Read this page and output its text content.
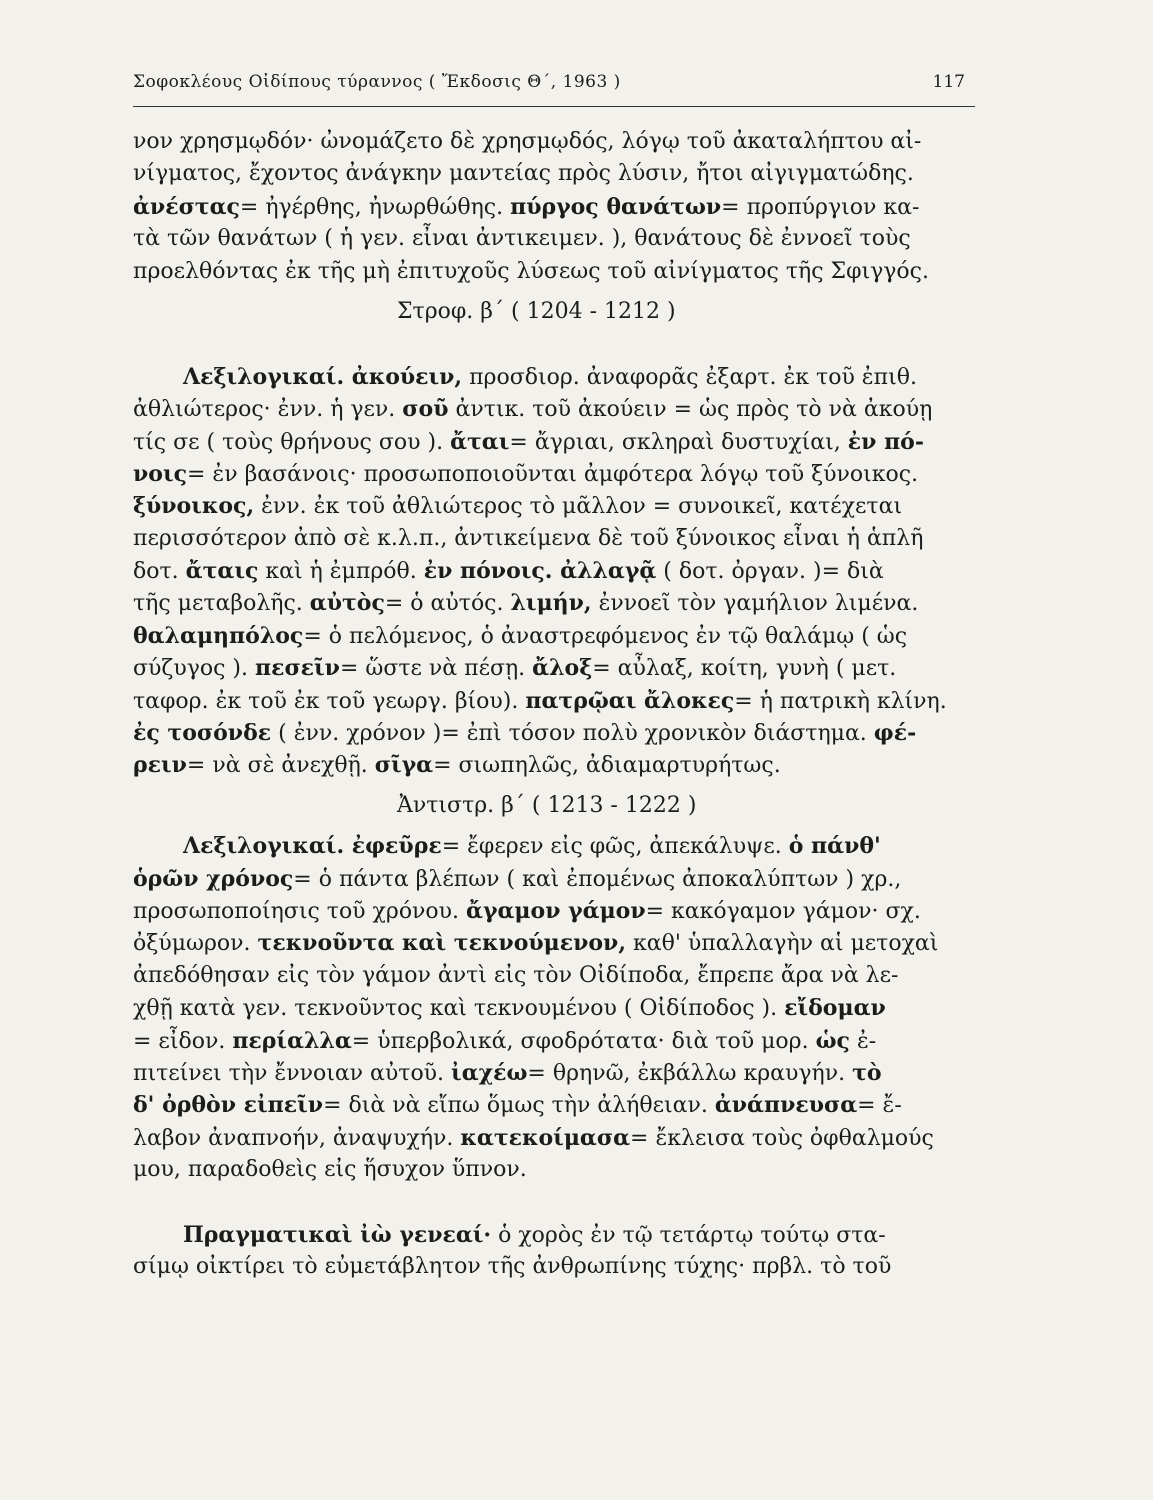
Σοφοκλέους Οἰδίπους τύραννος ( Ἔκδοσις Θ΄, 1963 )	117
νον χρησμῳδόν· ὠνομάζετο δὲ χρησμῳδός, λόγῳ τοῦ ἀκαταλήπτου αἰ-
νίγματος, ἔχοντος ἀνάγκην μαντείας πρὸς λύσιν, ἤτοι αἰγιγματώδης.
ἀνέστας= ἠγέρθης, ἠνωρθώθης. πύργος θανάτων= προπύργιον κα-
τὰ τῶν θανάτων ( ἡ γεν. εἶναι ἀντικειμεν. ), θανάτους δὲ ἐννοεῖ τοὺς
προελθόντας ἐκ τῆς μὴ ἐπιτυχοῦς λύσεως τοῦ αἰνίγματος τῆς Σφιγγός.
Στροφ. β΄ ( 1204 - 1212 )
Λεξιλογικαί. ἀκούειν, προσδιορ. ἀναφορᾶς ἐξαρτ. ἐκ τοῦ ἐπιθ.
ἀθλιώτερος· ἐνν. ἡ γεν. σοῦ ἀντικ. τοῦ ἀκούειν = ὡς πρὸς τὸ νὰ ἀκούῃ
τίς σε ( τοὺς θρήνους σου ). ἄται= ἄγριαι, σκληραὶ δυστυχίαι, ἐν πό-
νοις= ἐν βασάνοις· προσωποποιοῦνται ἀμφότερα λόγῳ τοῦ ξύνοικος.
ξύνοικος, ἐνν. ἐκ τοῦ ἀθλιώτερος τὸ μᾶλλον = συνοικεῖ, κατέχεται
περισσότερον ἀπὸ σὲ κ.λ.π., ἀντικείμενα δὲ τοῦ ξύνοικος εἶναι ἡ ἁπλῆ
δοτ. ἄταις καὶ ἡ ἐμπρόθ. ἐν πόνοις. ἀλλαγᾷ ( δοτ. ὀργαν. )= διὰ
τῆς μεταβολῆς. αὐτὸς= ὁ αὐτός. λιμήν, ἐννοεῖ τὸν γαμήλιον λιμένα.
θαλαμηπόλος= ὁ πελόμενος, ὁ ἀναστρεφόμενος ἐν τῷ θαλάμῳ ( ὡς
σύζυγος ). πεσεῖν= ὥστε νὰ πέσῃ. ἄλοξ= αὖλαξ, κοίτη, γυνὴ ( μετ.
ταφορ. ἐκ τοῦ ἐκ τοῦ γεωργ. βίου). πατρῷαι ἄλοκες= ἡ πατρικὴ κλίνη.
ἐς τοσόνδε ( ἐνν. χρόνον )= ἐπὶ τόσον πολὺ χρονικὸν διάστημα. φέ-
ρειν= νὰ σὲ ἀνεχθῇ. σῖγα= σιωπηλῶς, ἀδιαμαρτυρήτως.
Ἀντιστρ. β΄ ( 1213 - 1222 )
Λεξιλογικαί. ἐφεῦρε= ἔφερεν εἰς φῶς, ἀπεκάλυψε. ὁ πάνθ'
ὁρῶν χρόνος= ὁ πάντα βλέπων ( καὶ ἐπομένως ἀποκαλύπτων ) χρ.,
προσωποποίησις τοῦ χρόνου. ἄγαμον γάμον= κακόγαμον γάμον· σχ.
ὀξύμωρον. τεκνοῦντα καὶ τεκνούμενον, καθ' ὑπαλλαγὴν αἱ μετοχαὶ
ἀπεδόθησαν εἰς τὸν γάμον ἀντὶ εἰς τὸν Οἰδίποδα, ἔπρεπε ἄρα νὰ λε-
χθῇ κατὰ γεν. τεκνοῦντος καὶ τεκνουμένου ( Οἰδίποδος ). εἴδομαν
= εἶδον. περίαλλα= ὑπερβολικά, σφοδρότατα· διὰ τοῦ μορ. ὡς ἐ-
πιτείνει τὴν ἔννοιαν αὐτοῦ. ἰαχέω= θρηνῶ, ἐκβάλλω κραυγήν. τὸ
δ' ὀρθὸν εἰπεῖν= διὰ νὰ εἴπω ὅμως τὴν ἀλήθειαν. ἀνάπνευσα= ἔ-
λαβον ἀναπνοήν, ἀναψυχήν. κατεκοίμασα= ἔκλεισα τοὺς ὀφθαλμούς
μου, παραδοθεὶς εἰς ἥσυχον ὕπνον.
Πραγματικαὶ ἰὼ γενεαί· ὁ χορὸς ἐν τῷ τετάρτῳ τούτῳ στα-
σίμῳ οἰκτίρει τὸ εὐμετάβλητον τῆς ἀνθρωπίνης τύχης· πρβλ. τὸ τοῦ
